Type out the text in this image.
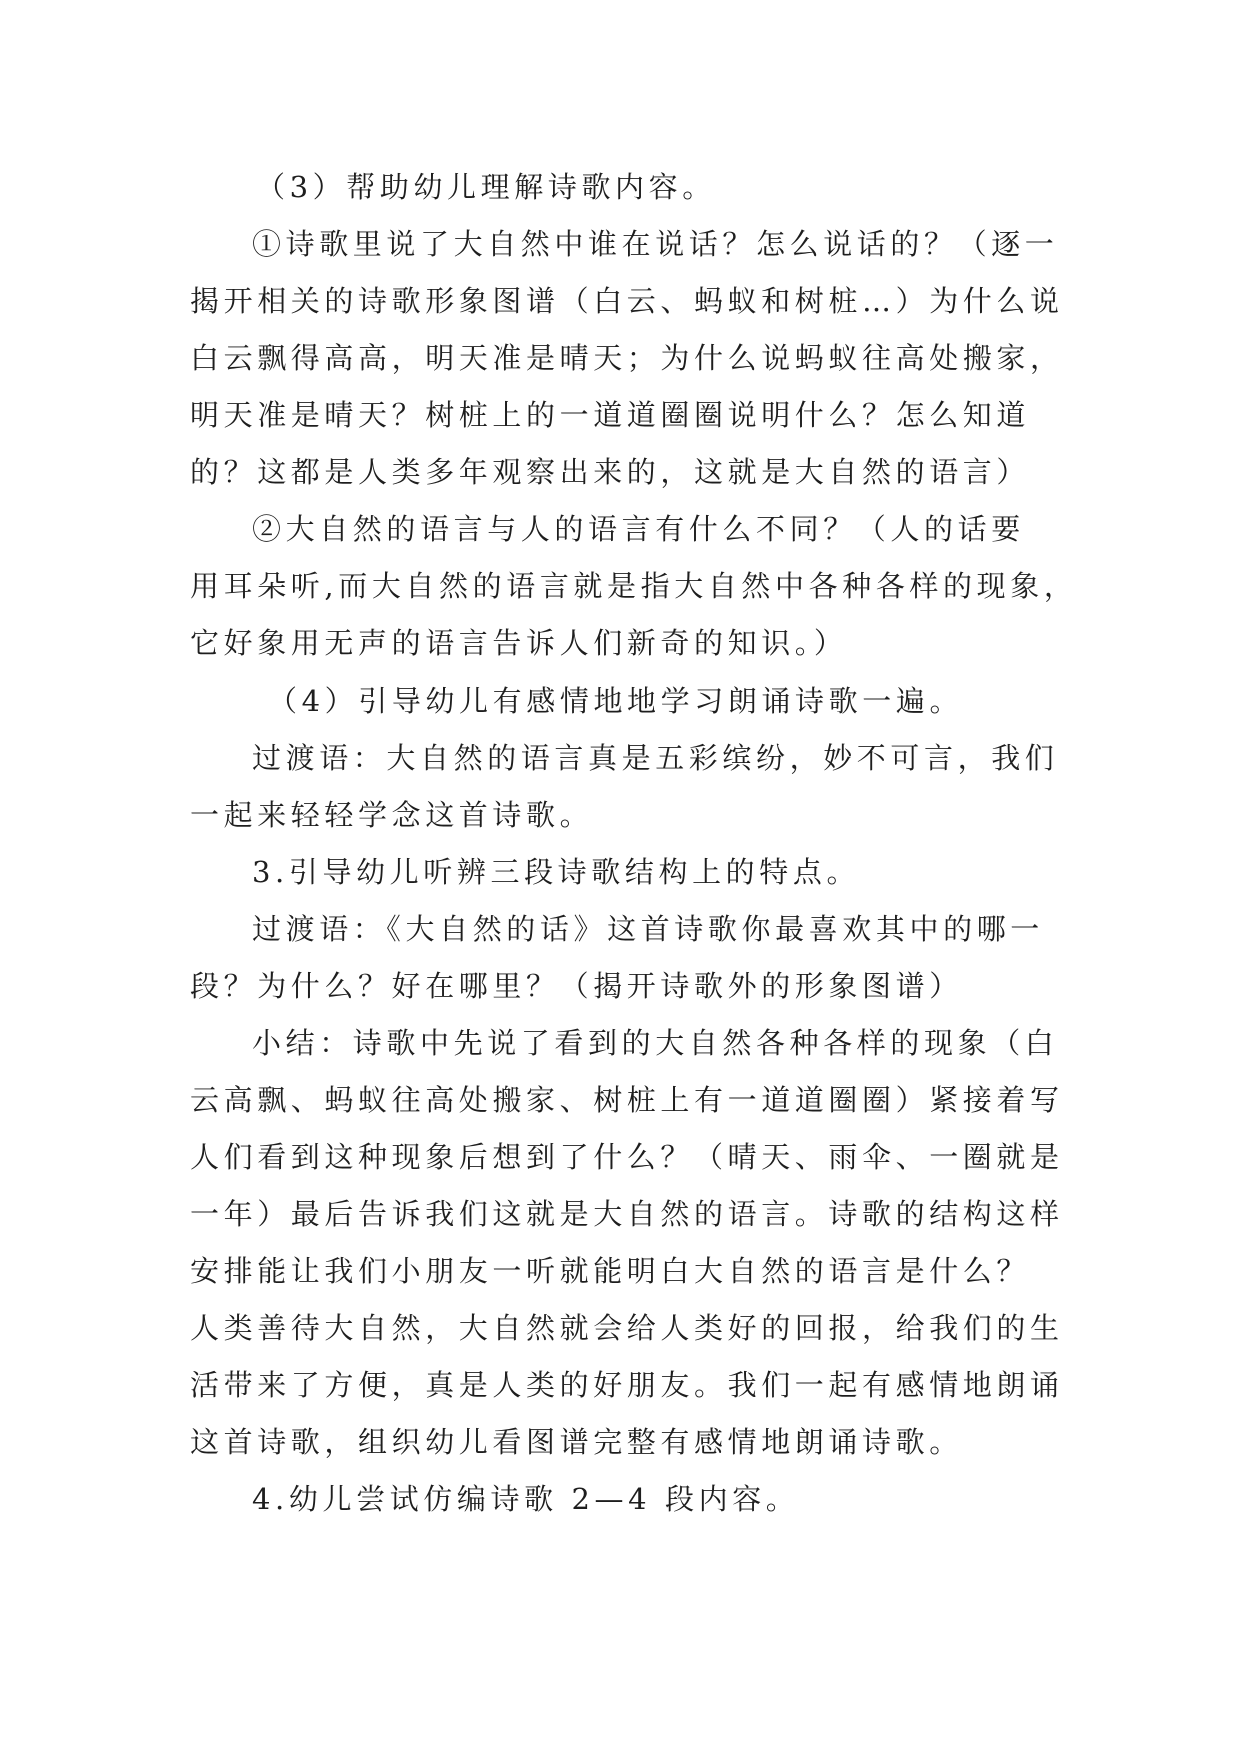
（3）帮助幼儿理解诗歌内容。
①诗歌里说了大自然中谁在说话？怎么说话的？（逐一
揭开相关的诗歌形象图谱（白云、蚂蚁和树桩…）为什么说
白云飘得高高，明天准是晴天；为什么说蚂蚁往高处搬家，
明天准是晴天？树桩上的一道道圈圈说明什么？怎么知道
的？这都是人类多年观察出来的，这就是大自然的语言）
②大自然的语言与人的语言有什么不同？（人的话要
用耳朵听,而大自然的语言就是指大自然中各种各样的现象，
它好象用无声的语言告诉人们新奇的知识。）
（4）引导幼儿有感情地地学习朗诵诗歌一遍。
过渡语：大自然的语言真是五彩缤纷，妙不可言，我们
一起来轻轻学念这首诗歌。
3.引导幼儿听辨三段诗歌结构上的特点。
过渡语：《大自然的话》这首诗歌你最喜欢其中的哪一
段？为什么？好在哪里？（揭开诗歌外的形象图谱）
小结：诗歌中先说了看到的大自然各种各样的现象（白
云高飘、蚂蚁往高处搬家、树桩上有一道道圈圈）紧接着写
人们看到这种现象后想到了什么？（晴天、雨伞、一圈就是
一年）最后告诉我们这就是大自然的语言。诗歌的结构这样
安排能让我们小朋友一听就能明白大自然的语言是什么？
人类善待大自然，大自然就会给人类好的回报，给我们的生
活带来了方便，真是人类的好朋友。我们一起有感情地朗诵
这首诗歌，组织幼儿看图谱完整有感情地朗诵诗歌。
4.幼儿尝试仿编诗歌 2—4 段内容。
